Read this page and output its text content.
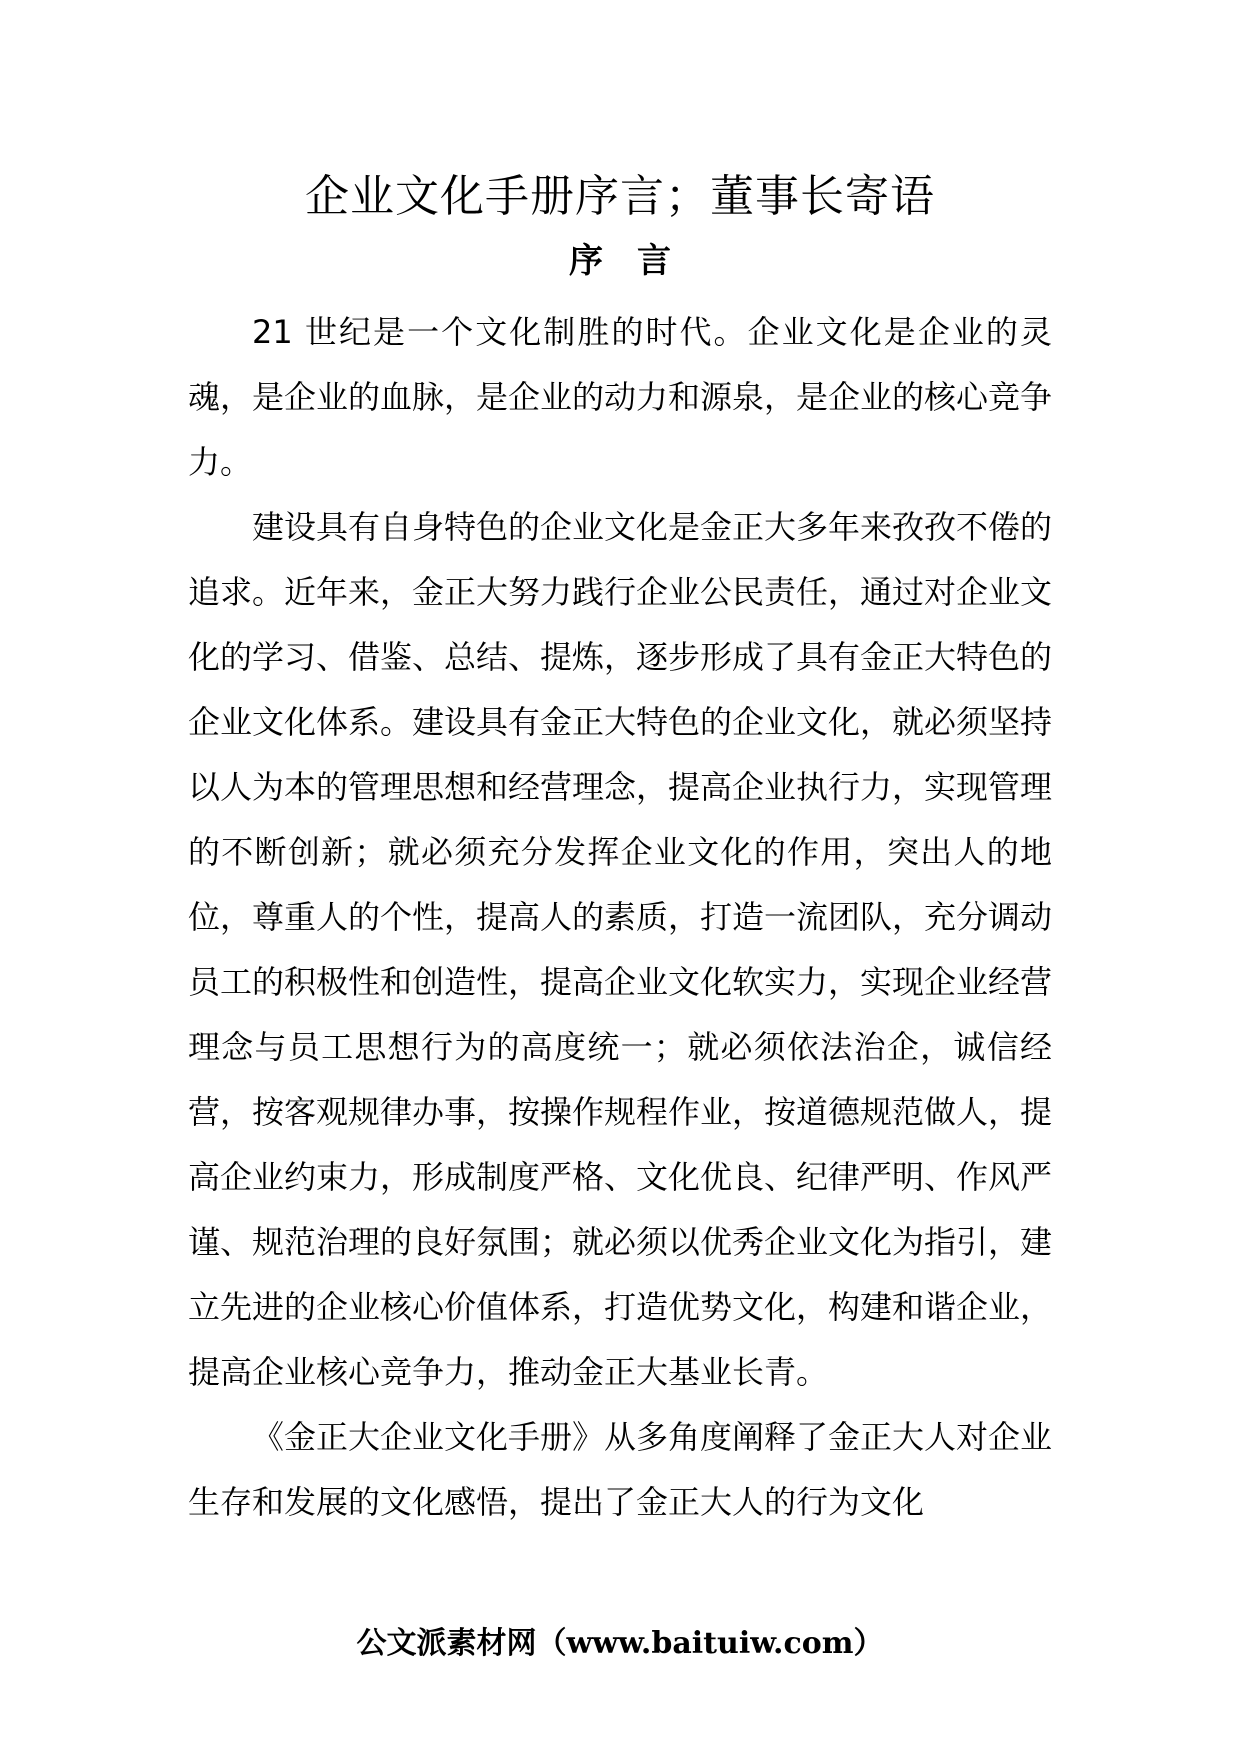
企业文化手册序言；董事长寄语
序言

21 世纪是一个文化制胜的时代。企业文化是企业的灵魂，是企业的血脉，是企业的动力和源泉，是企业的核心竞争力。

建设具有自身特色的企业文化是金正大多年来孜孜不倦的追求。近年来，金正大努力践行企业公民责任，通过对企业文化的学习、借鉴、总结、提炼，逐步形成了具有金正大特色的企业文化体系。建设具有金正大特色的企业文化，就必须坚持以人为本的管理思想和经营理念，提高企业执行力，实现管理的不断创新；就必须充分发挥企业文化的作用，突出人的地位，尊重人的个性，提高人的素质，打造一流团队，充分调动员工的积极性和创造性，提高企业文化软实力，实现企业经营理念与员工思想行为的高度统一；就必须依法治企，诚信经营，按客观规律办事，按操作规程作业，按道德规范做人，提高企业约束力，形成制度严格、文化优良、纪律严明、作风严谨、规范治理的良好氛围；就必须以优秀企业文化为指引，建立先进的企业核心价值体系，打造优势文化，构建和谐企业，提高企业核心竞争力，推动金正大基业长青。

《金正大企业文化手册》从多角度阐释了金正大人对企业生存和发展的文化感悟，提出了金正大人的行为文化

公文派素材网（www.baituiw.com）
